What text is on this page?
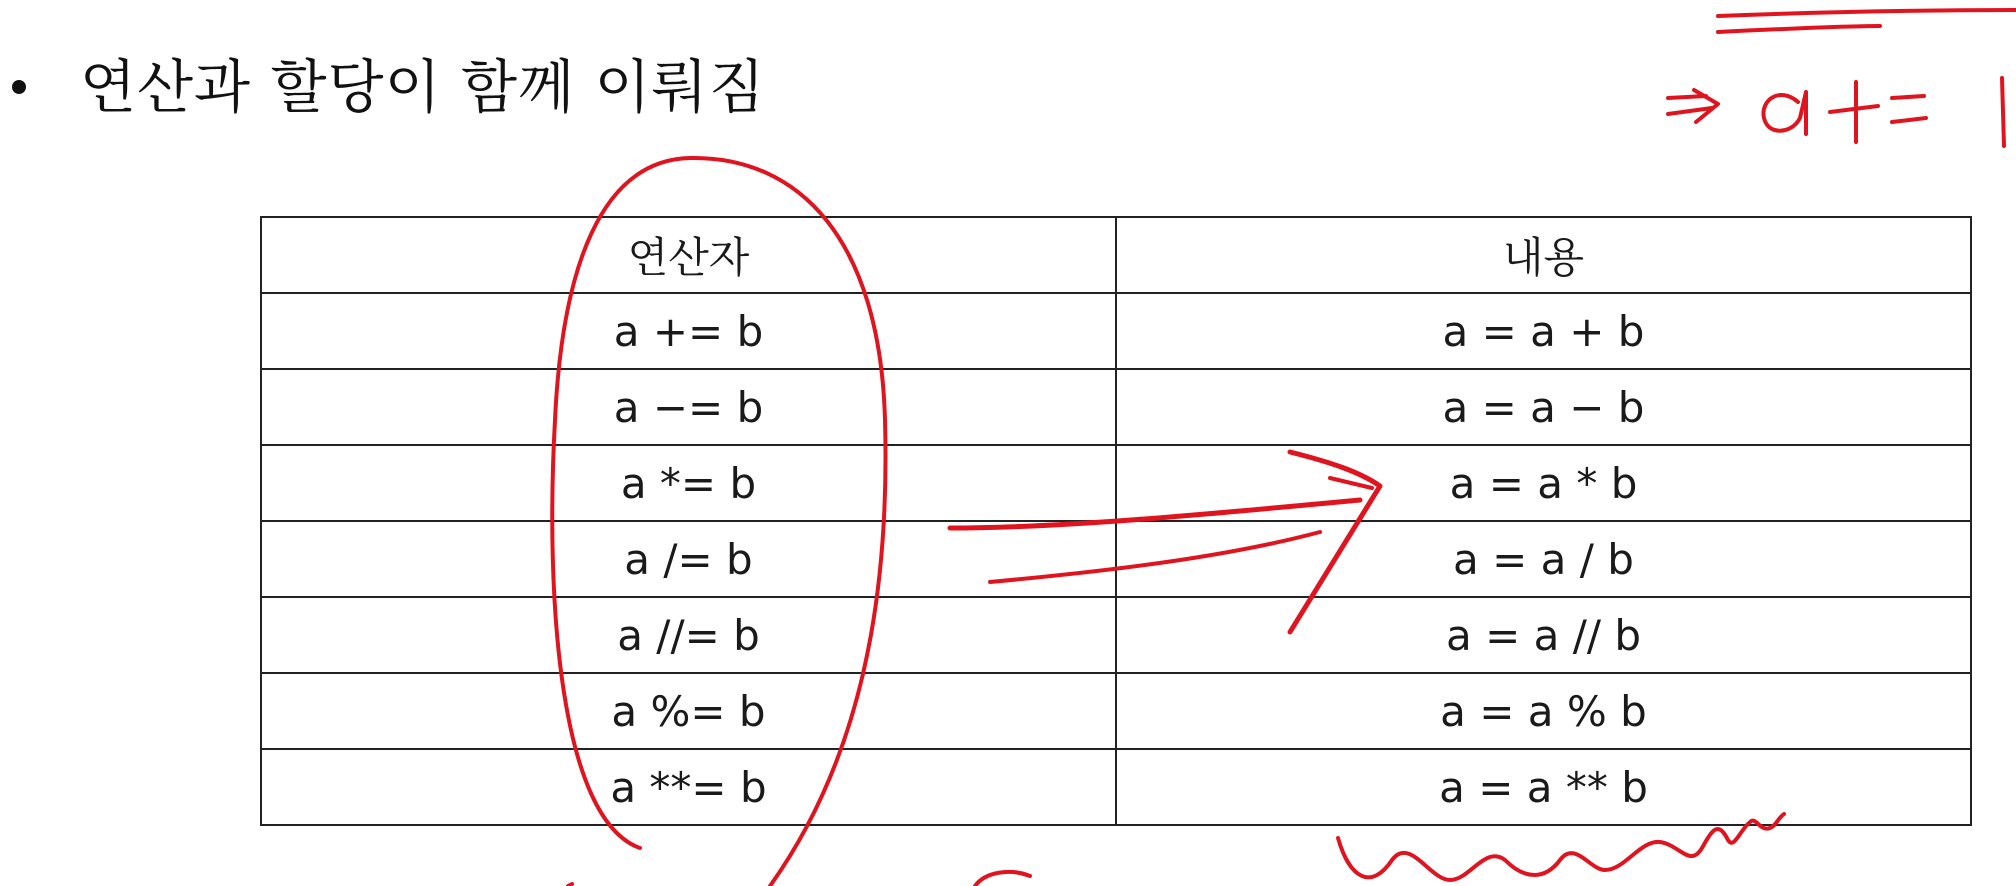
연산과 할당이 함께 이뤄짐
연산자	내용
a += b	a = a + b
a −= b	a = a − b
a *= b	a = a * b
a /= b	a = a / b
a //= b	a = a // b
a %= b	a = a % b
a **= b	a = a ** b
